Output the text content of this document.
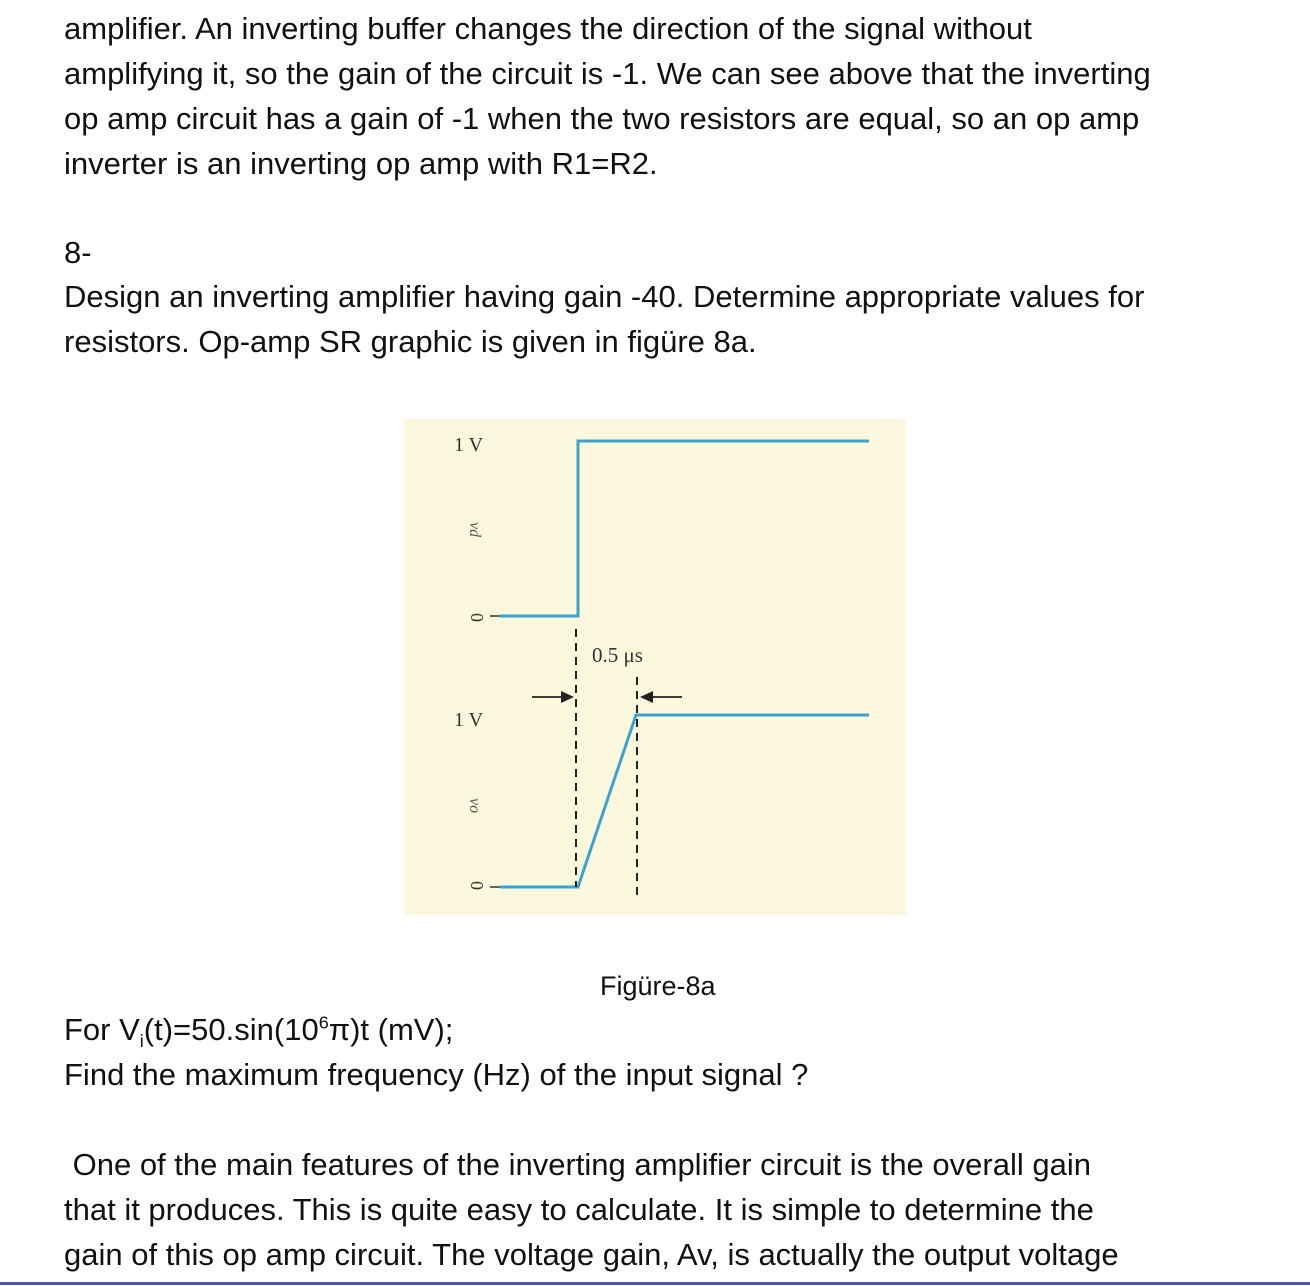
amplifier. An inverting buffer changes the direction of the signal without
amplifying it, so the gain of the circuit is -1. We can see above that the inverting
op amp circuit has a gain of -1 when the two resistors are equal, so an op amp
inverter is an inverting op amp with R1=R2.
8-
Design an inverting amplifier having gain -40. Determine appropriate values for
resistors. Op-amp SR graphic is given in figüre 8a.
1 V
vd
0
1 V
vo
0
0.5 μs
Figüre-8a
For $V_i(t)=50.\sin(10^6\pi)t$ (mV);
Find the maximum frequency (Hz) of the input signal ?
One of the main features of the inverting amplifier circuit is the overall gain
that it produces. This is quite easy to calculate. It is simple to determine the
gain of this op amp circuit. The voltage gain, Av, is actually the output voltage
